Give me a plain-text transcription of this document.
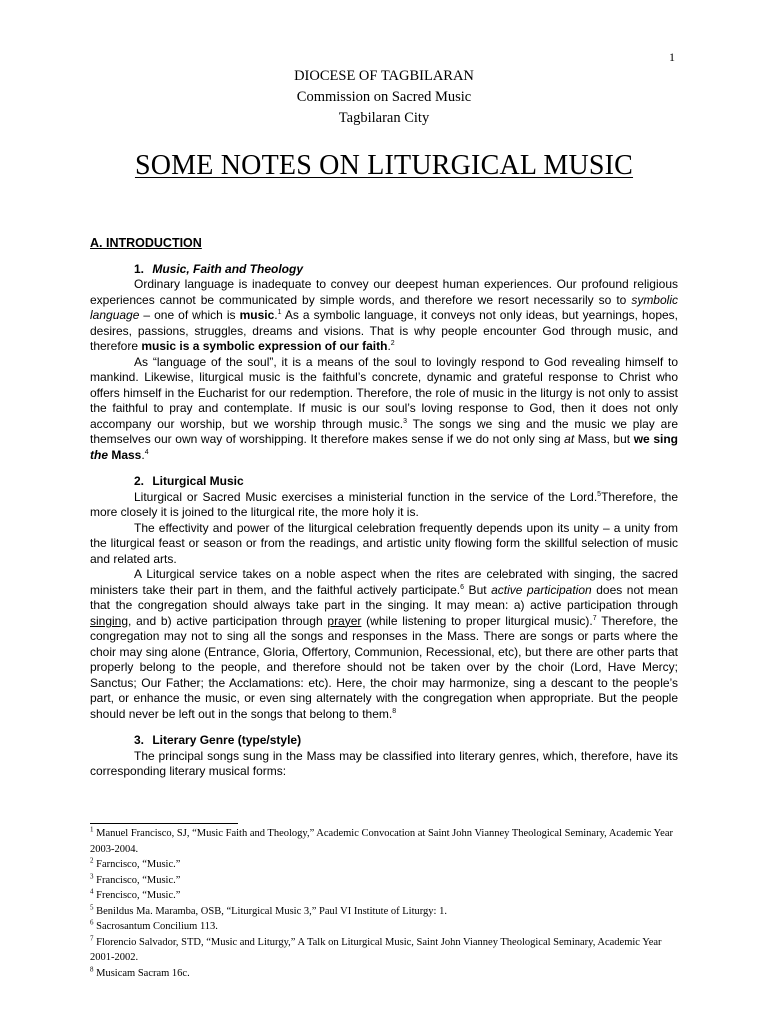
1
DIOCESE OF TAGBILARAN
Commission on Sacred Music
Tagbilaran City
SOME NOTES ON LITURGICAL MUSIC
A. INTRODUCTION
1. Music, Faith and Theology

Ordinary language is inadequate to convey our deepest human experiences. Our profound religious experiences cannot be communicated by simple words, and therefore we resort necessarily so to symbolic language – one of which is music.$^1$ As a symbolic language, it conveys not only ideas, but yearnings, hopes, desires, passions, struggles, dreams and visions. That is why people encounter God through music, and therefore music is a symbolic expression of our faith.$^2$

As “language of the soul”, it is a means of the soul to lovingly respond to God revealing himself to mankind. Likewise, liturgical music is the faithful’s concrete, dynamic and grateful response to Christ who offers himself in the Eucharist for our redemption. Therefore, the role of music in the liturgy is not only to assist the faithful to pray and contemplate. If music is our soul’s loving response to God, then it does not only accompany our worship, but we worship through music.$^3$ The songs we sing and the music we play are themselves our own way of worshipping. It therefore makes sense if we do not only sing at Mass, but we sing the Mass.$^4$

2. Liturgical Music

Liturgical or Sacred Music exercises a ministerial function in the service of the Lord.$^5$Therefore, the more closely it is joined to the liturgical rite, the more holy it is.

The effectivity and power of the liturgical celebration frequently depends upon its unity – a unity from the liturgical feast or season or from the readings, and artistic unity flowing form the skillful selection of music and related arts.

A Liturgical service takes on a noble aspect when the rites are celebrated with singing, the sacred ministers take their part in them, and the faithful actively participate.$^6$ But active participation does not mean that the congregation should always take part in the singing. It may mean: a) active participation through singing, and b) active participation through prayer (while listening to proper liturgical music).$^7$ Therefore, the congregation may not to sing all the songs and responses in the Mass. There are songs or parts where the choir may sing alone (Entrance, Gloria, Offertory, Communion, Recessional, etc), but there are other parts that properly belong to the people, and therefore should not be taken over by the choir (Lord, Have Mercy; Sanctus; Our Father; the Acclamations: etc). Here, the choir may harmonize, sing a descant to the people’s part, or enhance the music, or even sing alternately with the congregation when appropriate. But the people should never be left out in the songs that belong to them.$^8$

3. Literary Genre (type/style)

The principal songs sung in the Mass may be classified into literary genres, which, therefore, have its corresponding literary musical forms:

$^1$ Manuel Francisco, SJ, “Music Faith and Theology,” Academic Convocation at Saint John Vianney Theological Seminary, Academic Year 2003-2004.
$^2$ Farncisco, “Music.”
$^3$ Francisco, “Music.”
$^4$ Frencisco, “Music.”
$^5$ Benildus Ma. Maramba, OSB, “Liturgical Music 3,” Paul VI Institute of Liturgy: 1.
$^6$ Sacrosantum Concilium 113.
$^7$ Florencio Salvador, STD, “Music and Liturgy,” A Talk on Liturgical Music, Saint John Vianney Theological Seminary, Academic Year 2001-2002.
$^8$ Musicam Sacram 16c.
